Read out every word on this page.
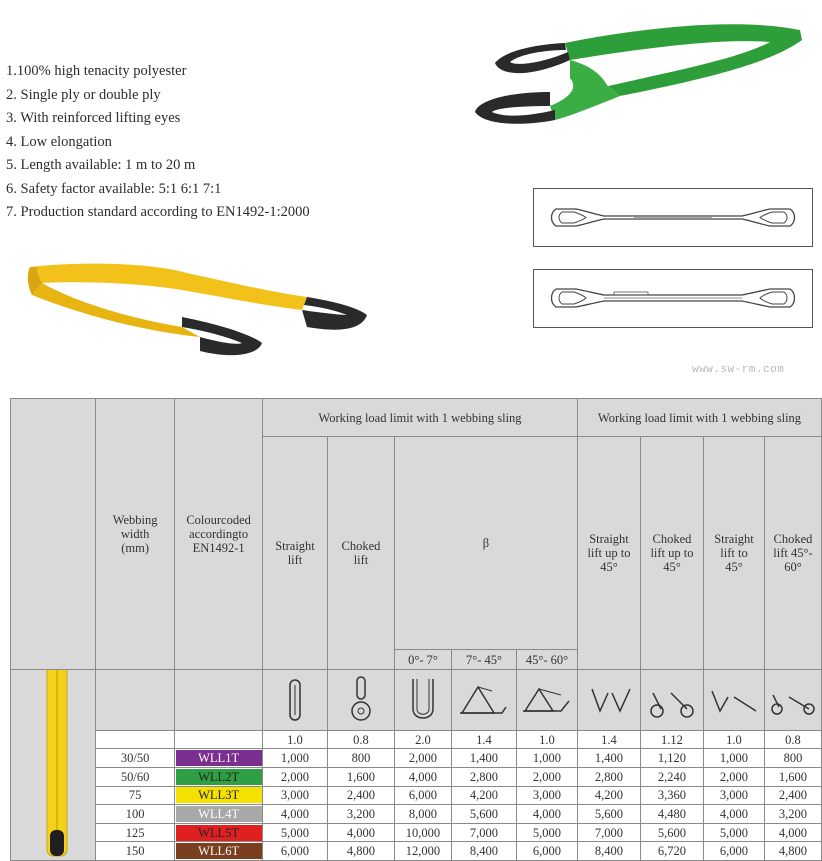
1.100% high tenacity polyester
2. Single ply or double ply
3. With reinforced lifting eyes
4. Low elongation
5. Length available: 1 m to 20 m
6. Safety factor available: 5:1 6:1 7:1
7. Production standard according to EN1492-1:2000
www.sw-rm.com
	Webbing width (mm)	Colourcoded accordingto EN1492-1	Working load limit with 1 webbing sling					Working load limit with 1 webbing sling			
			Straight lift	Choked lift	β			Straight lift up to 45°	Choked lift up to 45°	Straight lift to 45°	Choked lift 45°- 60°
					0°- 7°	7°- 45°	45°- 60°				

			1.0	0.8	2.0	1.4	1.0	1.4	1.12	1.0	0.8
	30/50	WLL1T	1,000	800	2,000	1,400	1,000	1,400	1,120	1,000	800
	50/60	WLL2T	2,000	1,600	4,000	2,800	2,000	2,800	2,240	2,000	1,600
	75	WLL3T	3,000	2,400	6,000	4,200	3,000	4,200	3,360	3,000	2,400
	100	WLL4T	4,000	3,200	8,000	5,600	4,000	5,600	4,480	4,000	3,200
	125	WLL5T	5,000	4,000	10,000	7,000	5,000	7,000	5,600	5,000	4,000
	150	WLL6T	6,000	4,800	12,000	8,400	6,000	8,400	6,720	6,000	4,800
